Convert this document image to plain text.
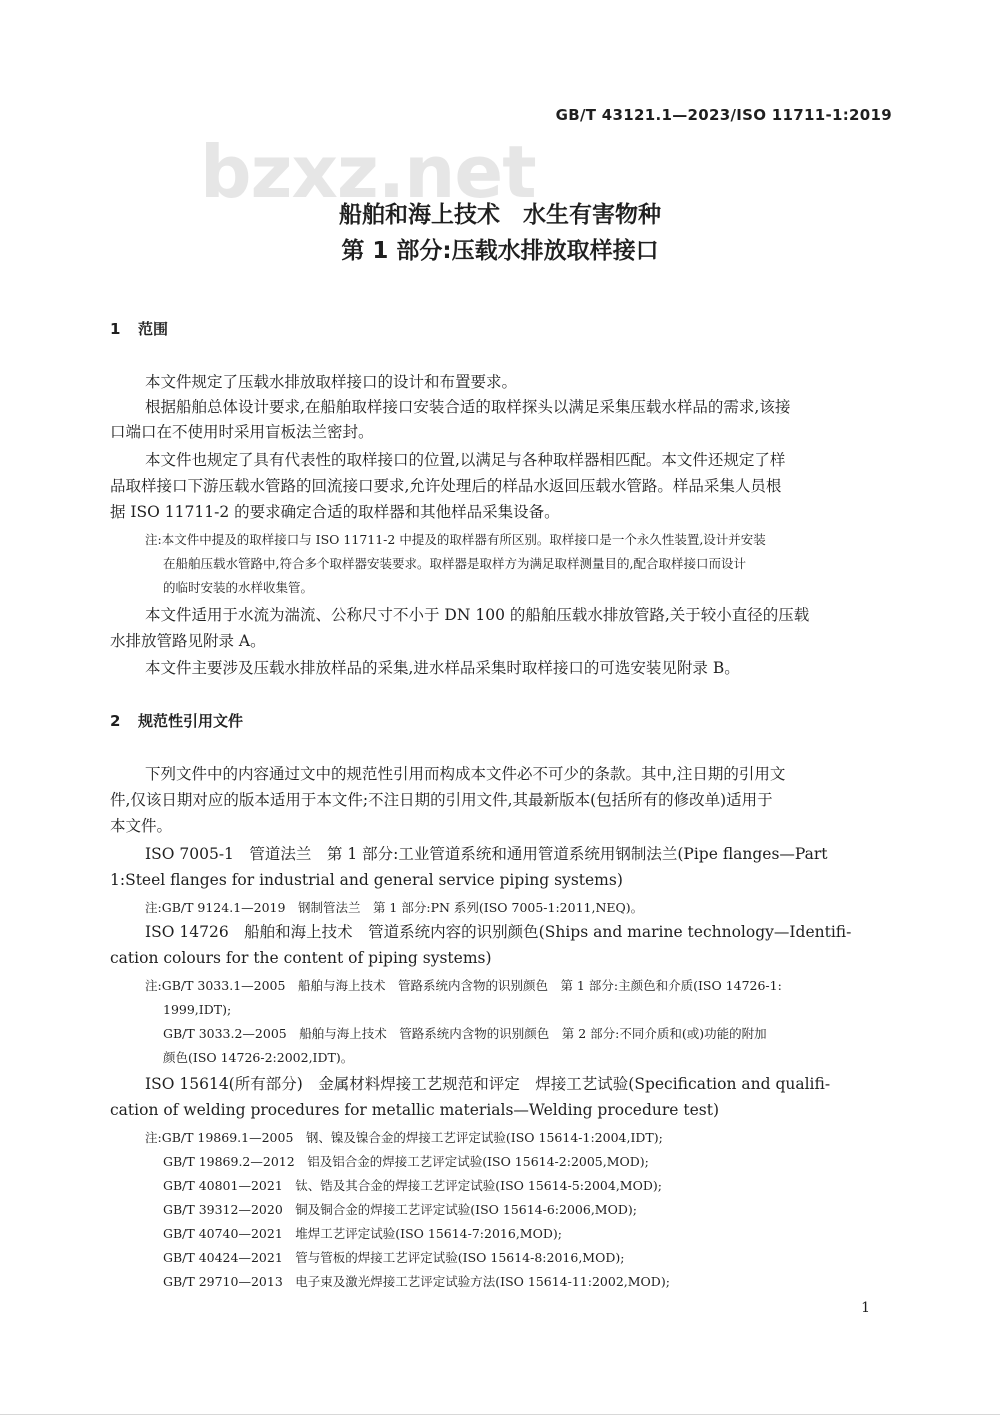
bzxz.net
GB/T 43121.1—2023/ISO 11711-1:2019
船舶和海上技术　水生有害物种
第 1 部分:压载水排放取样接口
1 范围
本文件规定了压载水排放取样接口的设计和布置要求。
根据船舶总体设计要求,在船舶取样接口安装合适的取样探头以满足采集压载水样品的需求,该接
口端口在不使用时采用盲板法兰密封。
本文件也规定了具有代表性的取样接口的位置,以满足与各种取样器相匹配。本文件还规定了样
品取样接口下游压载水管路的回流接口要求,允许处理后的样品水返回压载水管路。样品采集人员根
据 ISO 11711-2 的要求确定合适的取样器和其他样品采集设备。
注:本文件中提及的取样接口与 ISO 11711-2 中提及的取样器有所区别。取样接口是一个永久性装置,设计并安装
在船舶压载水管路中,符合多个取样器安装要求。取样器是取样方为满足取样测量目的,配合取样接口而设计
的临时安装的水样收集管。
本文件适用于水流为湍流、公称尺寸不小于 DN 100 的船舶压载水排放管路,关于较小直径的压载
水排放管路见附录 A。
本文件主要涉及压载水排放样品的采集,进水样品采集时取样接口的可选安装见附录 B。
2 规范性引用文件
下列文件中的内容通过文中的规范性引用而构成本文件必不可少的条款。其中,注日期的引用文
件,仅该日期对应的版本适用于本文件;不注日期的引用文件,其最新版本(包括所有的修改单)适用于
本文件。
ISO 7005-1　管道法兰　第 1 部分:工业管道系统和通用管道系统用钢制法兰(Pipe flanges—Part
1:Steel flanges for industrial and general service piping systems)
注:GB/T 9124.1—2019　钢制管法兰　第 1 部分:PN 系列(ISO 7005-1:2011,NEQ)。
ISO 14726　船舶和海上技术　管道系统内容的识别颜色(Ships and marine technology—Identifi-
cation colours for the content of piping systems)
注:GB/T 3033.1—2005　船舶与海上技术　管路系统内含物的识别颜色　第 1 部分:主颜色和介质(ISO 14726-1:
1999,IDT);
GB/T 3033.2—2005　船舶与海上技术　管路系统内含物的识别颜色　第 2 部分:不同介质和(或)功能的附加
颜色(ISO 14726-2:2002,IDT)。
ISO 15614(所有部分)　金属材料焊接工艺规范和评定　焊接工艺试验(Specification and qualifi-
cation of welding procedures for metallic materials—Welding procedure test)
注:GB/T 19869.1—2005　钢、镍及镍合金的焊接工艺评定试验(ISO 15614-1:2004,IDT);
GB/T 19869.2—2012　铝及铝合金的焊接工艺评定试验(ISO 15614-2:2005,MOD);
GB/T 40801—2021　钛、锆及其合金的焊接工艺评定试验(ISO 15614-5:2004,MOD);
GB/T 39312—2020　铜及铜合金的焊接工艺评定试验(ISO 15614-6:2006,MOD);
GB/T 40740—2021　堆焊工艺评定试验(ISO 15614-7:2016,MOD);
GB/T 40424—2021　管与管板的焊接工艺评定试验(ISO 15614-8:2016,MOD);
GB/T 29710—2013　电子束及激光焊接工艺评定试验方法(ISO 15614-11:2002,MOD);
1
